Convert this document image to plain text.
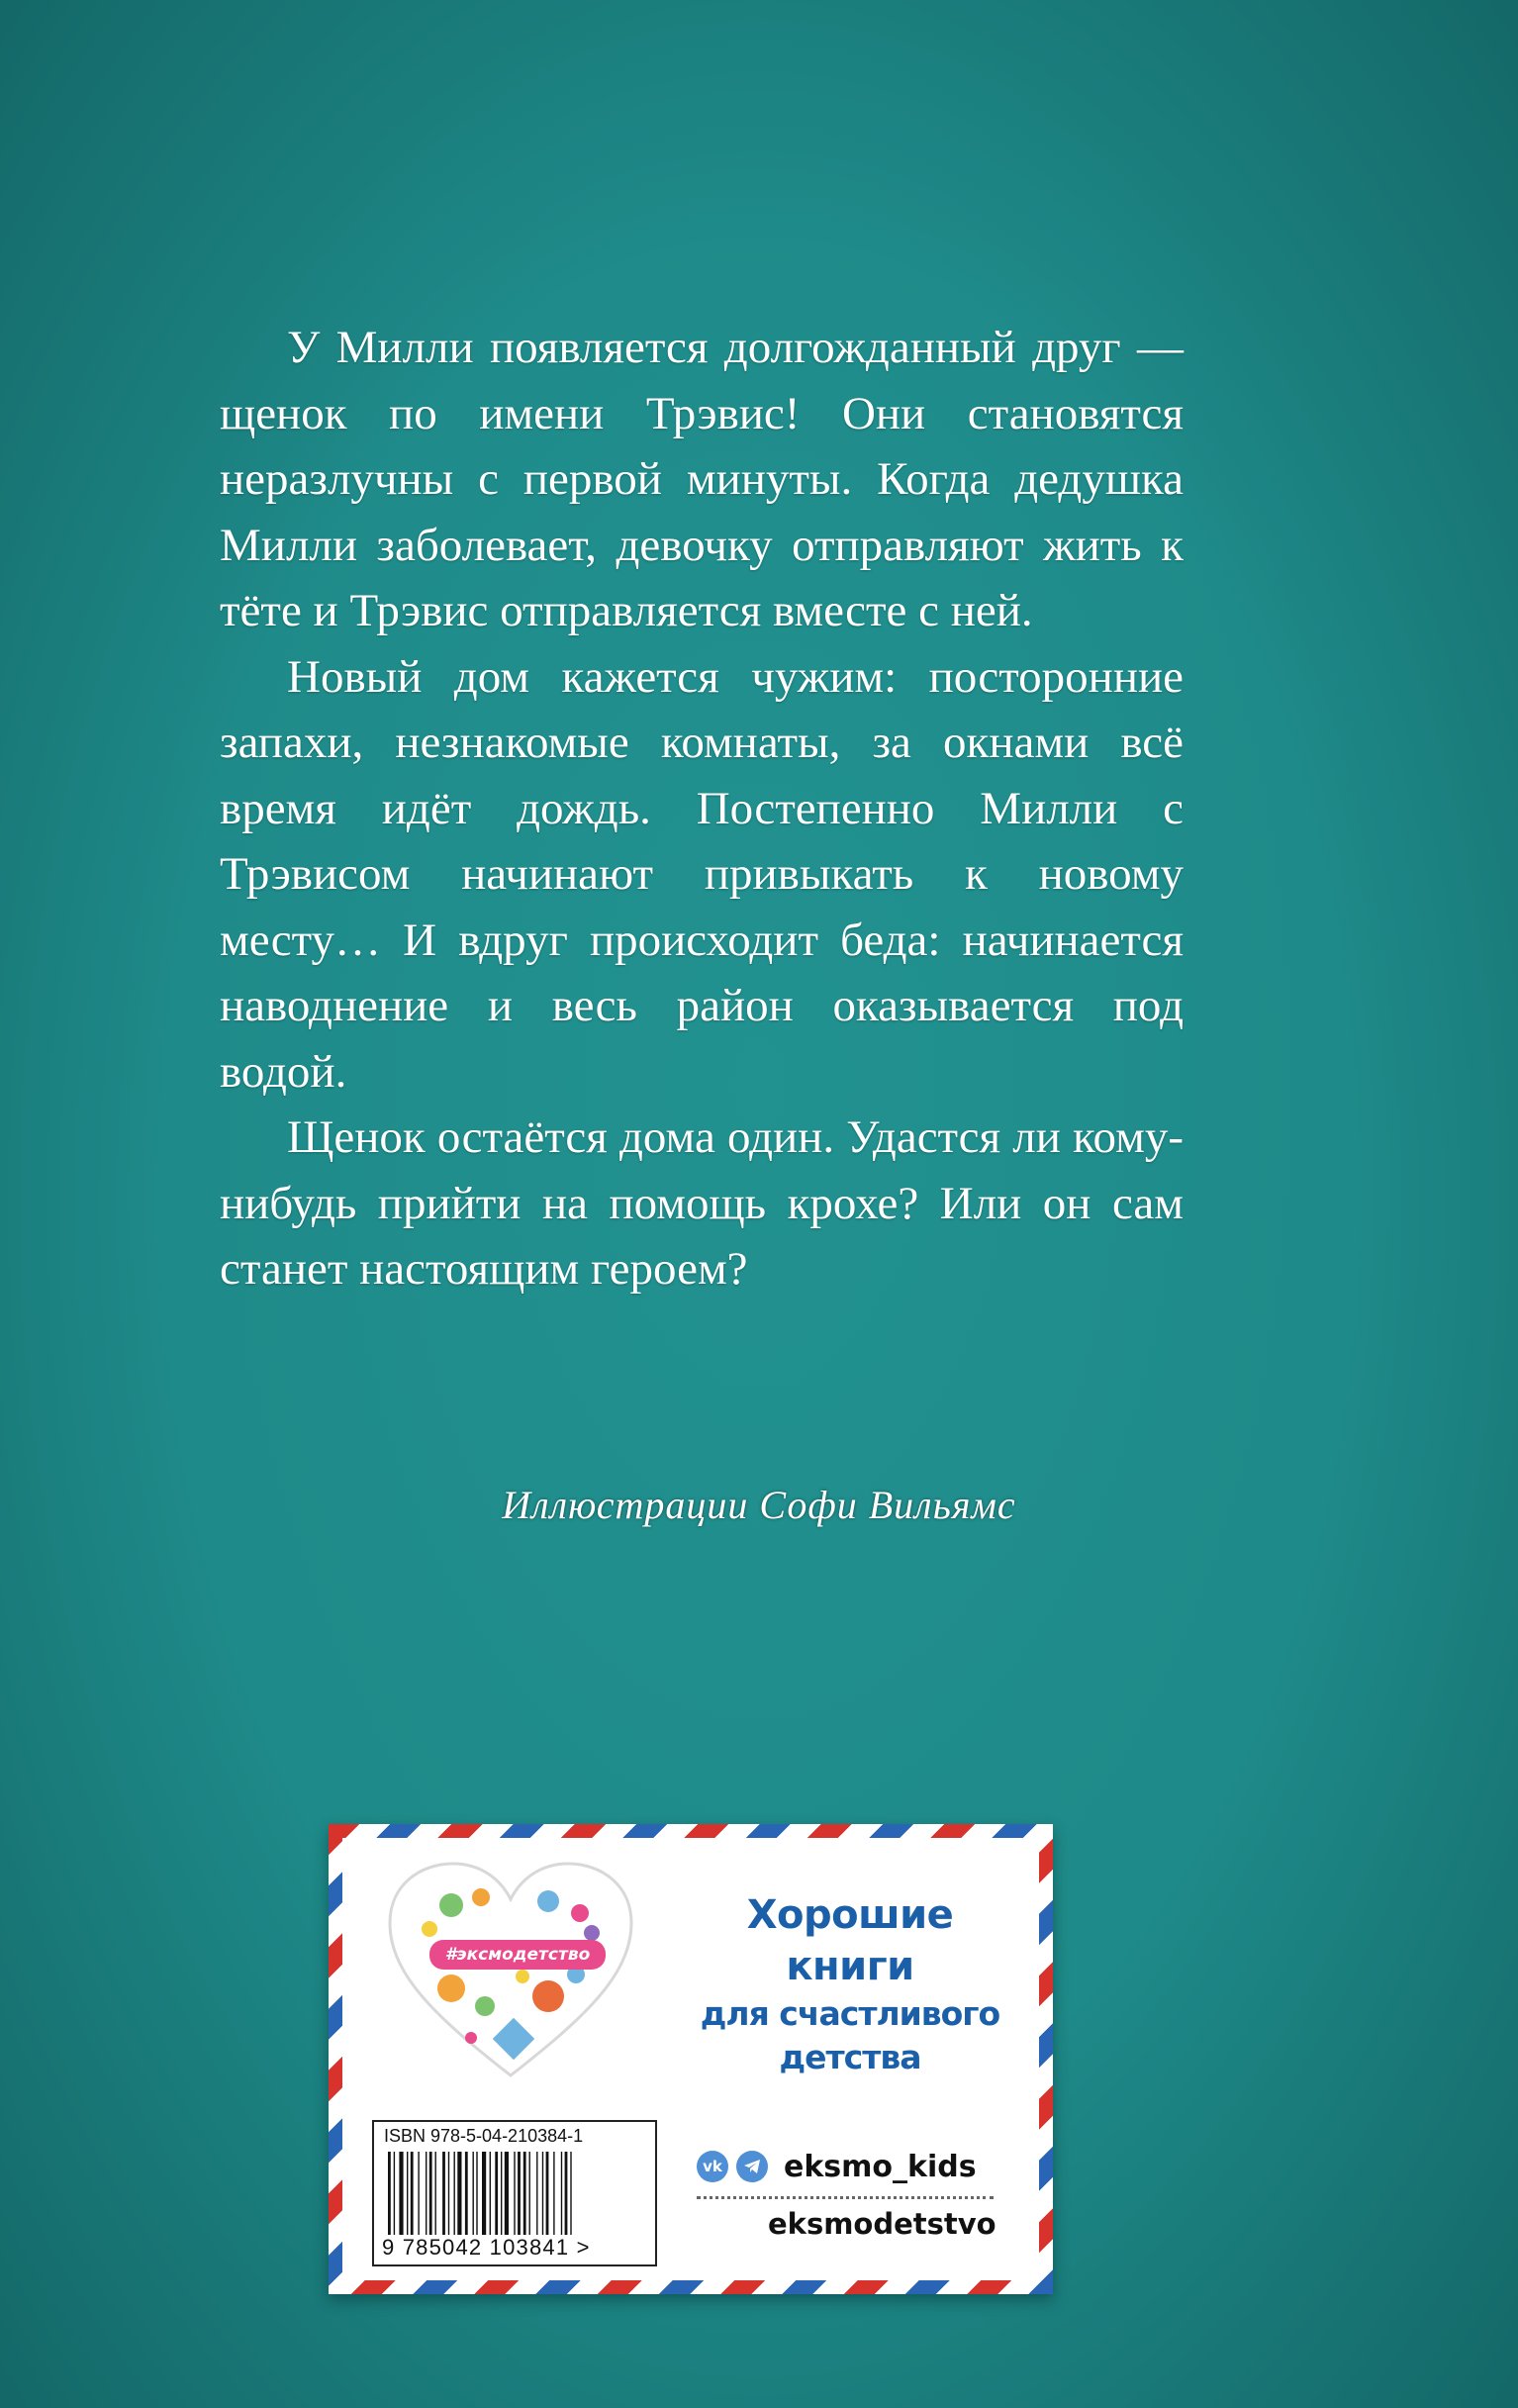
У Милли появляется долгожданный друг — щенок по имени Трэвис! Они становятся неразлучны с первой минуты. Когда дедушка Милли заболевает, девочку отправляют жить к тёте и Трэвис отправляется вместе с ней.

Новый дом кажется чужим: посторонние запахи, незнакомые комнаты, за окнами всё время идёт дождь. Постепенно Милли с Трэвисом начинают привыкать к новому месту… И вдруг происходит беда: начинается наводнение и весь район оказывается под водой.

Щенок остаётся дома один. Удастся ли кому-нибудь прийти на помощь крохе? Или он сам станет настоящим героем?

Иллюстрации Софи Вильямс
#эксмодетство
Хорошие
книги
для счастливого
детства
ISBN 978-5-04-210384-1
9 785042 103841 >
vk eksmo_kids
eksmodetstvo
